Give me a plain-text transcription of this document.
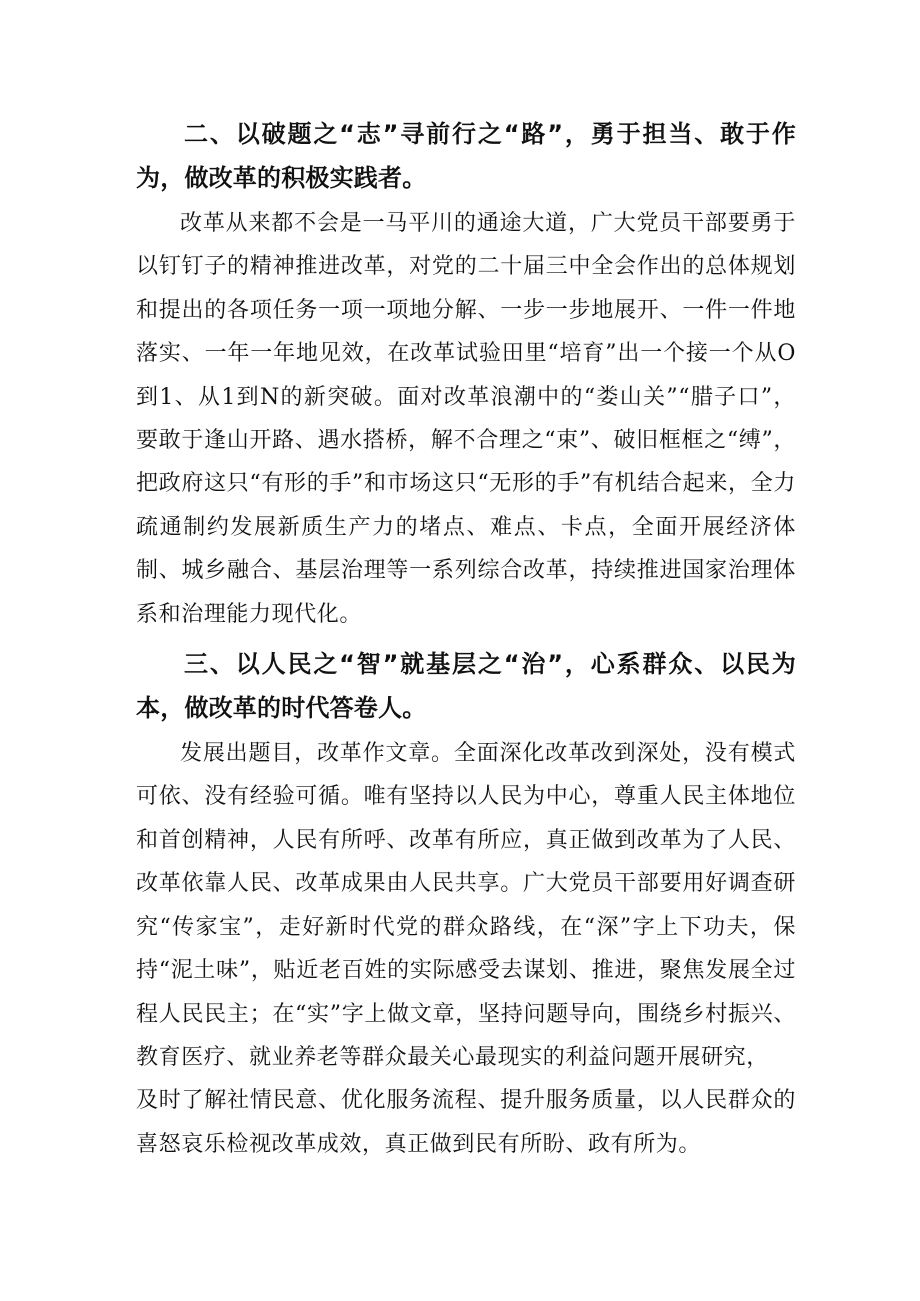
二、以破题之“志”寻前行之“路”，勇于担当、敢于作为，做改革的积极实践者。

改革从来都不会是一马平川的通途大道，广大党员干部要勇于以钉钉子的精神推进改革，对党的二十届三中全会作出的总体规划和提出的各项任务一项一项地分解、一步一步地展开、一件一件地落实、一年一年地见效，在改革试验田里“培育”出一个接一个从O到1、从1到N的新突破。面对改革浪潮中的“娄山关”“腊子口”，要敢于逢山开路、遇水搭桥，解不合理之“束”、破旧框框之“缚”，把政府这只“有形的手”和市场这只“无形的手”有机结合起来，全力疏通制约发展新质生产力的堵点、难点、卡点，全面开展经济体制、城乡融合、基层治理等一系列综合改革，持续推进国家治理体系和治理能力现代化。

三、以人民之“智”就基层之“治”，心系群众、以民为本，做改革的时代答卷人。

发展出题目，改革作文章。全面深化改革改到深处，没有模式可依、没有经验可循。唯有坚持以人民为中心，尊重人民主体地位和首创精神，人民有所呼、改革有所应，真正做到改革为了人民、改革依靠人民、改革成果由人民共享。广大党员干部要用好调查研究“传家宝”，走好新时代党的群众路线，在“深”字上下功夫，保持“泥土味”，贴近老百姓的实际感受去谋划、推进，聚焦发展全过程人民民主；在“实”字上做文章，坚持问题导向，围绕乡村振兴、教育医疗、就业养老等群众最关心最现实的利益问题开展研究，

及时了解社情民意、优化服务流程、提升服务质量，以人民群众的喜怒哀乐检视改革成效，真正做到民有所盼、政有所为。
